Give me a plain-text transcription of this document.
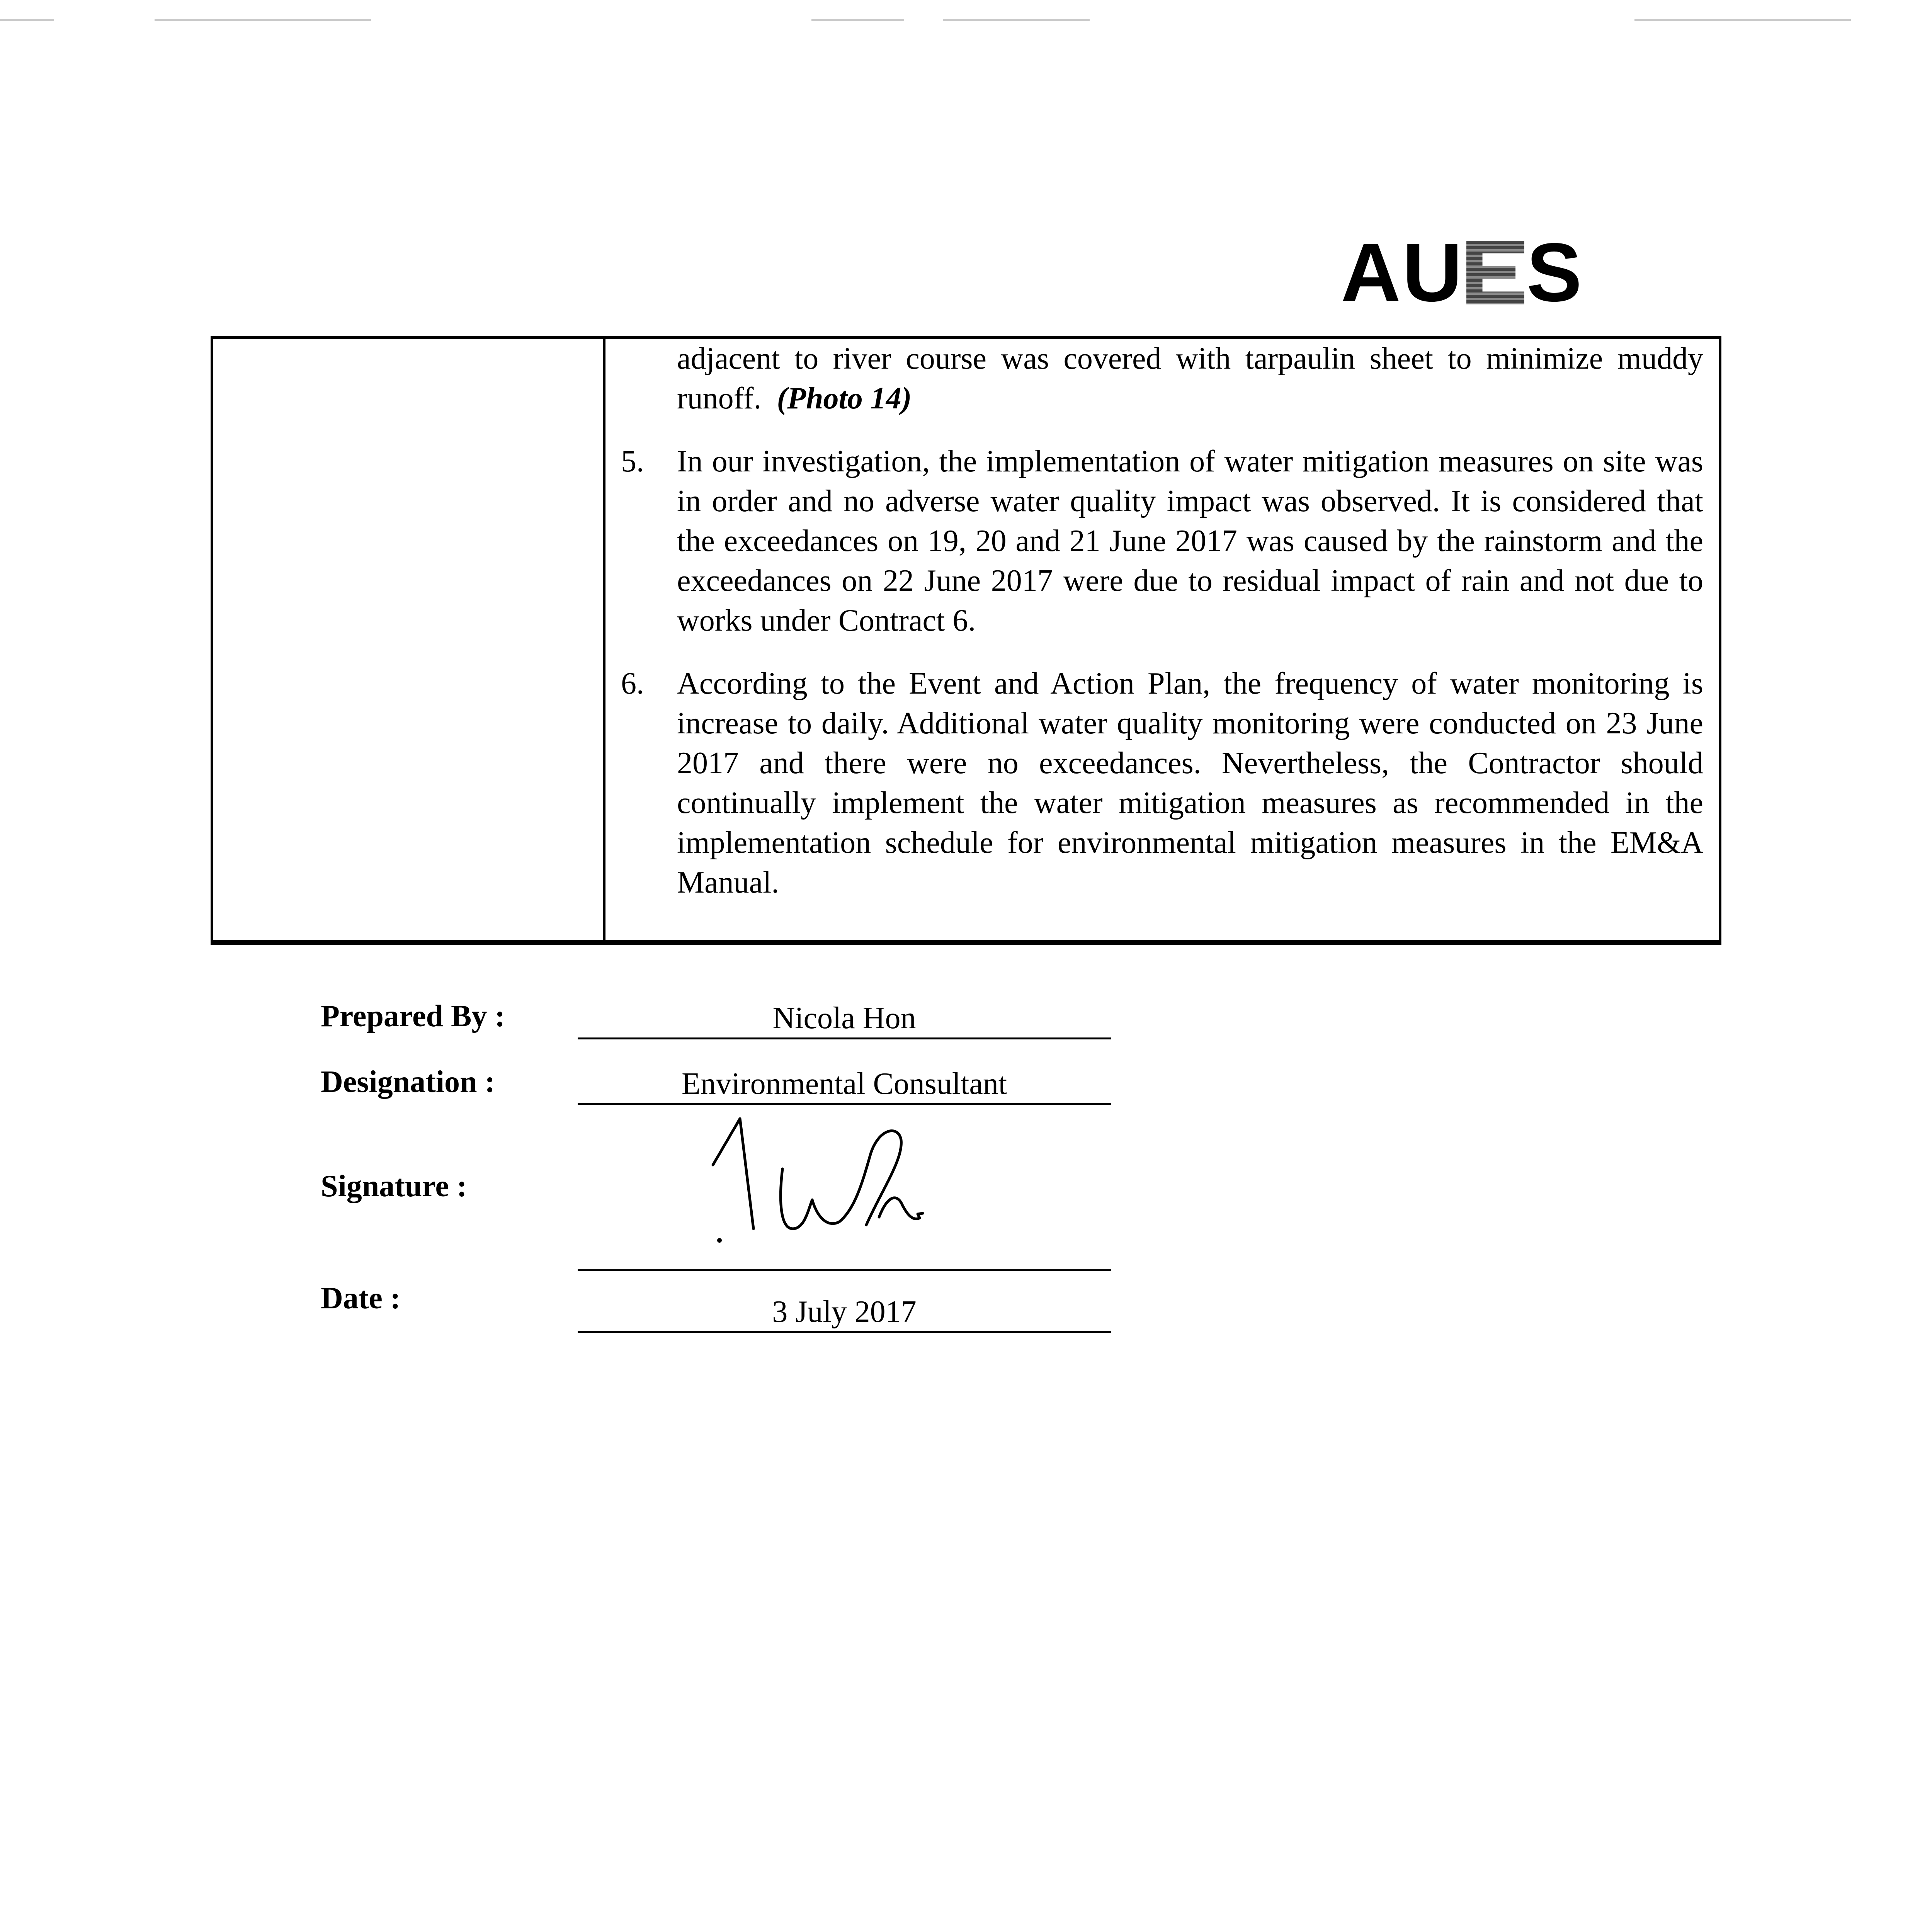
AU S
adjacent to river course was covered with tarpaulin sheet to minimize muddy runoff. (Photo 14)
5. In our investigation, the implementation of water mitigation measures on site was in order and no adverse water quality impact was observed. It is considered that the exceedances on 19, 20 and 21 June 2017 was caused by the rainstorm and the exceedances on 22 June 2017 were due to residual impact of rain and not due to works under Contract 6.
6. According to the Event and Action Plan, the frequency of water monitoring is increase to daily. Additional water quality monitoring were conducted on 23 June 2017 and there were no exceedances. Nevertheless, the Contractor should continually implement the water mitigation measures as recommended in the implementation schedule for environmental mitigation measures in the EM&A Manual.
Prepared By :	Nicola Hon
Designation :	Environmental Consultant
Signature :
Date :	3 July 2017
